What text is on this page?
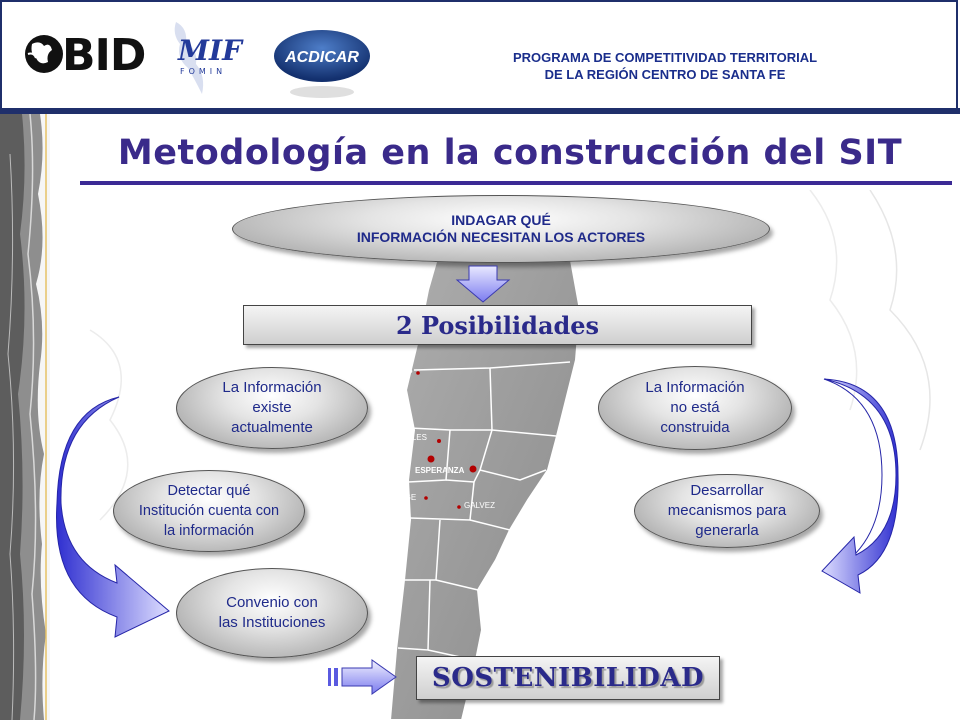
BID MIF
FOMIN
ACDICAR	PROGRAMA DE COMPETITIVIDAD TERRITORIAL
DE LA REGIÓN CENTRO DE SANTA FE
Metodología en la construcción del SIT
CERES
SUNCHALES
RAFAELA
ESPERANZA
SAN JORGE
GALVEZ
INDAGAR QUÉ
INFORMACIÓN NECESITAN LOS ACTORES
2 Posibilidades
La Información
existe
actualmente
Detectar qué
Institución cuenta con
la información
Convenio con
las Instituciones
La Información
no está
construida
Desarrollar
mecanismos para
generarla
SOSTENIBILIDAD
